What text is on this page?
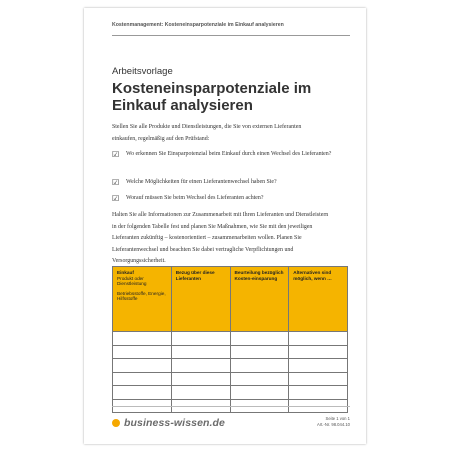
Kostenmanagement: Kosteneinsparpotenziale im Einkauf analysieren
Arbeitsvorlage
Kosteneinsparpotenziale im Einkauf analysieren
Stellen Sie alle Produkte und Dienstleistungen, die Sie von externen Lieferanten einkaufen, regelmäßig auf den Prüfstand:
☑ Wo erkennen Sie Einsparpotenzial beim Einkauf durch einen Wechsel des Lieferanten?
☑ Welche Möglichkeiten für einen Lieferantenwechsel haben Sie?
☑ Worauf müssen Sie beim Wechsel des Lieferanten achten?
Halten Sie alle Informationen zur Zusammenarbeit mit Ihren Lieferanten und Dienstleistern in der folgenden Tabelle fest und planen Sie Maßnahmen, wie Sie mit den jeweiligen Lieferanten zukünftig – kostenorientiert – zusammenarbeiten wollen. Planen Sie Lieferantenwechsel und beachten Sie dabei vertragliche Verpflichtungen und Versorgungssicherheit.
Einkauf
Produkt oder Dienstleistung
Betriebsstoffe, Energie, Hilfsstoffe	Bezug über diese Lieferanten	Beurteilung bezüglich Kosten-einsparung	Alternativen sind möglich, wenn …

business-wissen.de	Seite 1 von 1
Art.-Nr. 98.044.10
